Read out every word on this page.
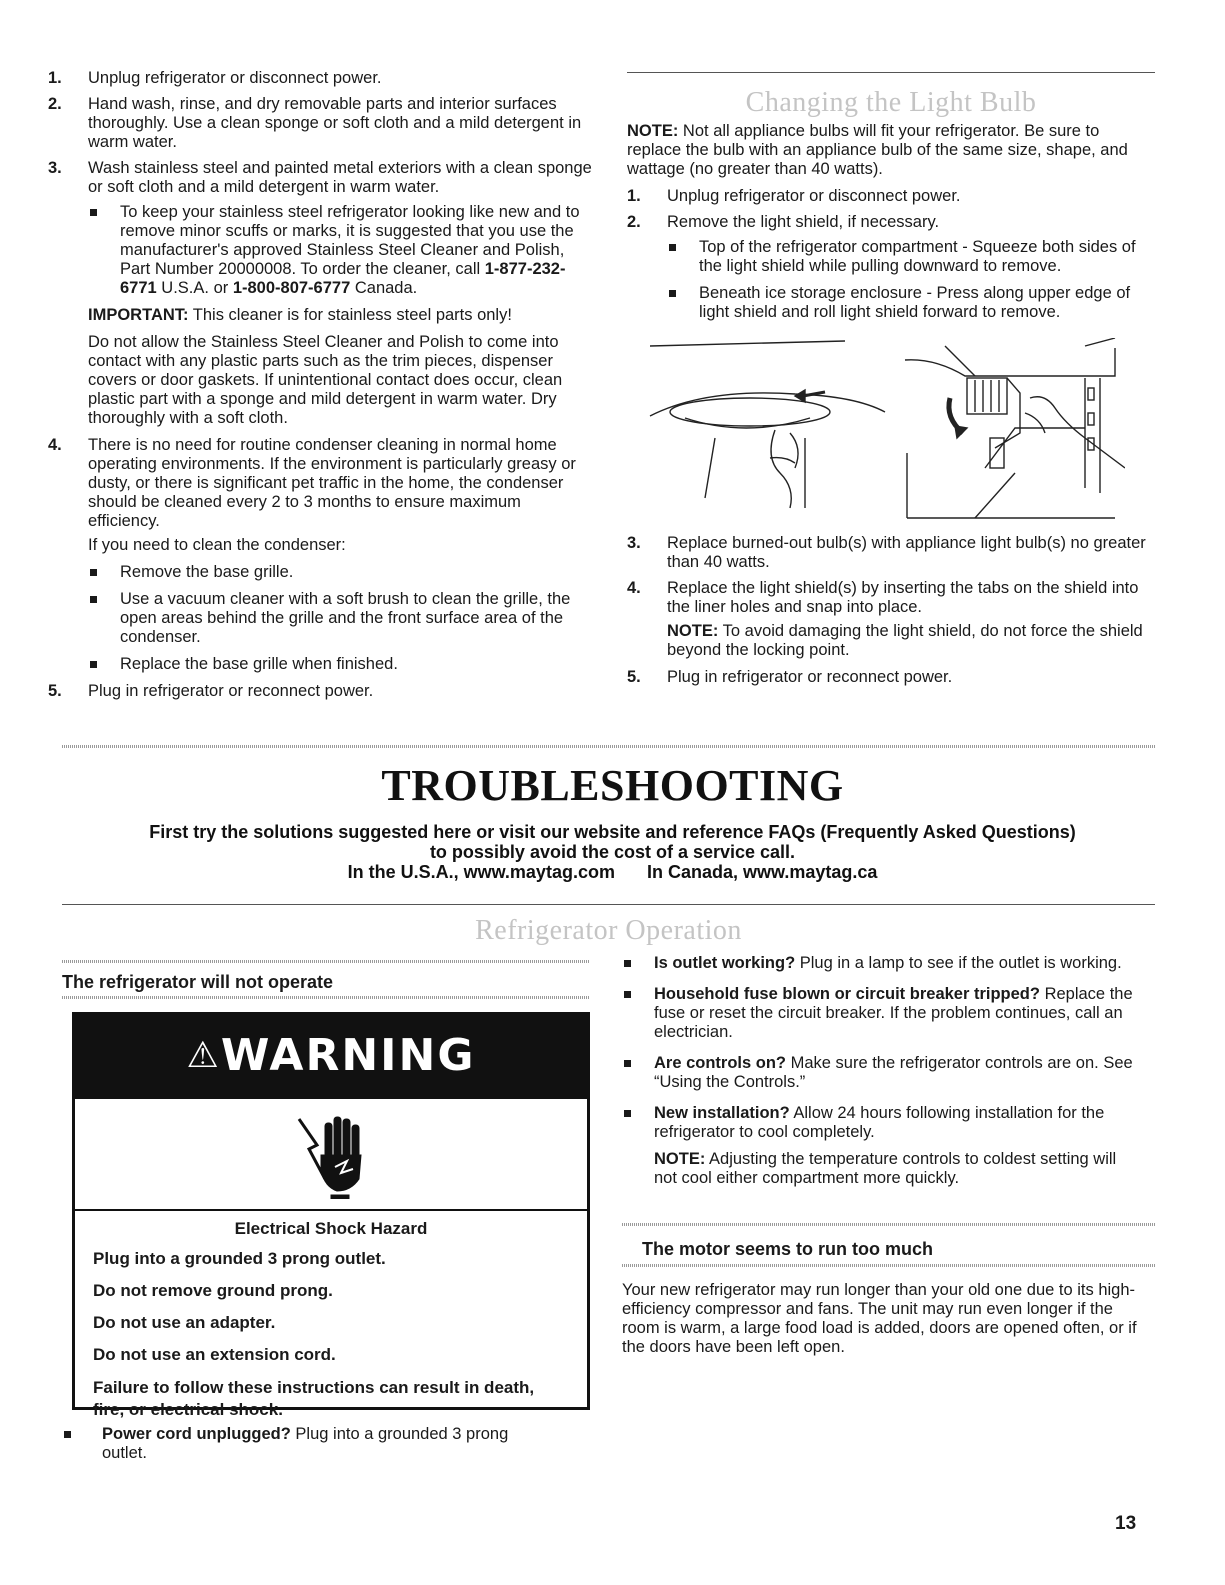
1. Unplug refrigerator or disconnect power.
2. Hand wash, rinse, and dry removable parts and interior surfaces thoroughly. Use a clean sponge or soft cloth and a mild detergent in warm water.
3. Wash stainless steel and painted metal exteriors with a clean sponge or soft cloth and a mild detergent in warm water.
To keep your stainless steel refrigerator looking like new and to remove minor scuffs or marks, it is suggested that you use the manufacturer's approved Stainless Steel Cleaner and Polish, Part Number 20000008. To order the cleaner, call 1-877-232-6771 U.S.A. or 1-800-807-6777 Canada.
IMPORTANT: This cleaner is for stainless steel parts only!
Do not allow the Stainless Steel Cleaner and Polish to come into contact with any plastic parts such as the trim pieces, dispenser covers or door gaskets. If unintentional contact does occur, clean plastic part with a sponge and mild detergent in warm water. Dry thoroughly with a soft cloth.
4. There is no need for routine condenser cleaning in normal home operating environments. If the environment is particularly greasy or dusty, or there is significant pet traffic in the home, the condenser should be cleaned every 2 to 3 months to ensure maximum efficiency.
If you need to clean the condenser:
Remove the base grille.
Use a vacuum cleaner with a soft brush to clean the grille, the open areas behind the grille and the front surface area of the condenser.
Replace the base grille when finished.
5. Plug in refrigerator or reconnect power.
Changing the Light Bulb
NOTE: Not all appliance bulbs will fit your refrigerator. Be sure to replace the bulb with an appliance bulb of the same size, shape, and wattage (no greater than 40 watts).
1. Unplug refrigerator or disconnect power.
2. Remove the light shield, if necessary.
Top of the refrigerator compartment - Squeeze both sides of the light shield while pulling downward to remove.
Beneath ice storage enclosure - Press along upper edge of light shield and roll light shield forward to remove.
3. Replace burned-out bulb(s) with appliance light bulb(s) no greater than 40 watts.
4. Replace the light shield(s) by inserting the tabs on the shield into the liner holes and snap into place.
NOTE: To avoid damaging the light shield, do not force the shield beyond the locking point.
5. Plug in refrigerator or reconnect power.
TROUBLESHOOTING
First try the solutions suggested here or visit our website and reference FAQs (Frequently Asked Questions)
to possibly avoid the cost of a service call.
In the U.S.A., www.maytag.com In Canada, www.maytag.ca
Refrigerator Operation
The refrigerator will not operate
⚠WARNING
Electrical Shock Hazard
Plug into a grounded 3 prong outlet.
Do not remove ground prong.
Do not use an adapter.
Do not use an extension cord.
Failure to follow these instructions can result in death, fire, or electrical shock.
Power cord unplugged? Plug into a grounded 3 prong outlet.
Is outlet working? Plug in a lamp to see if the outlet is working.
Household fuse blown or circuit breaker tripped? Replace the fuse or reset the circuit breaker. If the problem continues, call an electrician.
Are controls on? Make sure the refrigerator controls are on. See “Using the Controls.”
New installation? Allow 24 hours following installation for the refrigerator to cool completely.
NOTE: Adjusting the temperature controls to coldest setting will not cool either compartment more quickly.
The motor seems to run too much
Your new refrigerator may run longer than your old one due to its high-efficiency compressor and fans. The unit may run even longer if the room is warm, a large food load is added, doors are opened often, or if the doors have been left open.
13
